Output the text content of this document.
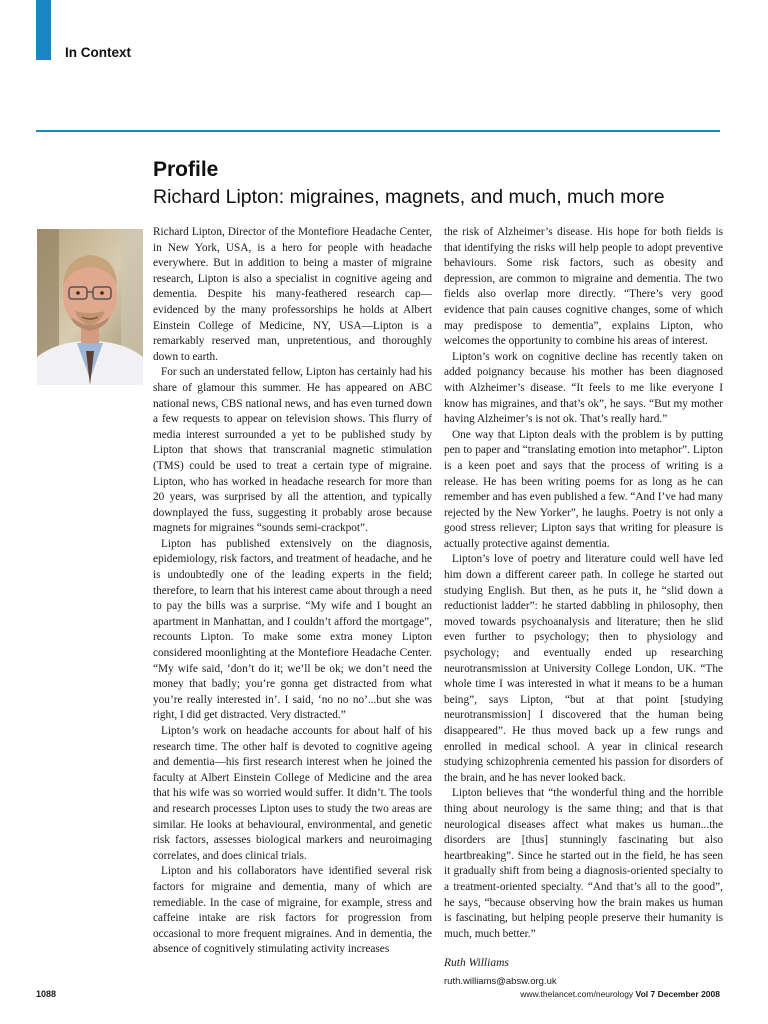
In Context
Profile
Richard Lipton: migraines, magnets, and much, much more

Richard Lipton, Director of the Montefiore Headache Center, in New York, USA, is a hero for people with headache everywhere. But in addition to being a master of migraine research, Lipton is also a specialist in cognitive ageing and dementia. Despite his many-feathered research cap—evidenced by the many professorships he holds at Albert Einstein College of Medicine, NY, USA—Lipton is a remarkably reserved man, unpretentious, and thoroughly down to earth.

For such an understated fellow, Lipton has certainly had his share of glamour this summer. He has appeared on ABC national news, CBS national news, and has even turned down a few requests to appear on television shows. This flurry of media interest surrounded a yet to be published study by Lipton that shows that transcranial magnetic stimulation (TMS) could be used to treat a certain type of migraine. Lipton, who has worked in headache research for more than 20 years, was surprised by all the attention, and typically downplayed the fuss, suggesting it probably arose because magnets for migraines “sounds semi-crackpot”.

Lipton has published extensively on the diagnosis, epidemiology, risk factors, and treatment of headache, and he is undoubtedly one of the leading experts in the field; therefore, to learn that his interest came about through a need to pay the bills was a surprise. “My wife and I bought an apartment in Manhattan, and I couldn’t afford the mortgage”, recounts Lipton. To make some extra money Lipton considered moonlighting at the Montefiore Headache Center. “My wife said, ‘don’t do it; we’ll be ok; we don’t need the money that badly; you’re gonna get distracted from what you’re really interested in’. I said, ‘no no no’...but she was right, I did get distracted. Very distracted.”

Lipton’s work on headache accounts for about half of his research time. The other half is devoted to cognitive ageing and dementia—his first research interest when he joined the faculty at Albert Einstein College of Medicine and the area that his wife was so worried would suffer. It didn’t. The tools and research processes Lipton uses to study the two areas are similar. He looks at behavioural, environmental, and genetic risk factors, assesses biological markers and neuroimaging correlates, and does clinical trials.

Lipton and his collaborators have identified several risk factors for migraine and dementia, many of which are remediable. In the case of migraine, for example, stress and caffeine intake are risk factors for progression from occasional to more frequent migraines. And in dementia, the absence of cognitively stimulating activity increases

the risk of Alzheimer’s disease. His hope for both fields is that identifying the risks will help people to adopt preventive behaviours. Some risk factors, such as obesity and depression, are common to migraine and dementia. The two fields also overlap more directly. “There’s very good evidence that pain causes cognitive changes, some of which may predispose to dementia”, explains Lipton, who welcomes the opportunity to combine his areas of interest.

Lipton’s work on cognitive decline has recently taken on added poignancy because his mother has been diagnosed with Alzheimer’s disease. “It feels to me like everyone I know has migraines, and that’s ok”, he says. “But my mother having Alzheimer’s is not ok. That’s really hard.”

One way that Lipton deals with the problem is by putting pen to paper and “translating emotion into metaphor”. Lipton is a keen poet and says that the process of writing is a release. He has been writing poems for as long as he can remember and has even published a few. “And I’ve had many rejected by the New Yorker”, he laughs. Poetry is not only a good stress reliever; Lipton says that writing for pleasure is actually protective against dementia.

Lipton’s love of poetry and literature could well have led him down a different career path. In college he started out studying English. But then, as he puts it, he “slid down a reductionist ladder”: he started dabbling in philosophy, then moved towards psychoanalysis and literature; then he slid even further to psychology; then to physiology and psychology; and eventually ended up researching neurotransmission at University College London, UK. “The whole time I was interested in what it means to be a human being”, says Lipton, “but at that point [studying neurotransmission] I discovered that the human being disappeared”. He thus moved back up a few rungs and enrolled in medical school. A year in clinical research studying schizophrenia cemented his passion for disorders of the brain, and he has never looked back.

Lipton believes that “the wonderful thing and the horrible thing about neurology is the same thing; and that is that neurological diseases affect what makes us human...the disorders are [thus] stunningly fascinating but also heartbreaking”. Since he started out in the field, he has seen it gradually shift from being a diagnosis-oriented specialty to a treatment-oriented specialty. “And that’s all to the good”, he says, “because observing how the brain makes us human is fascinating, but helping people preserve their humanity is much, much better.”

Ruth Williams

ruth.williams@absw.org.uk

1088	www.thelancet.com/neurology Vol 7 December 2008
